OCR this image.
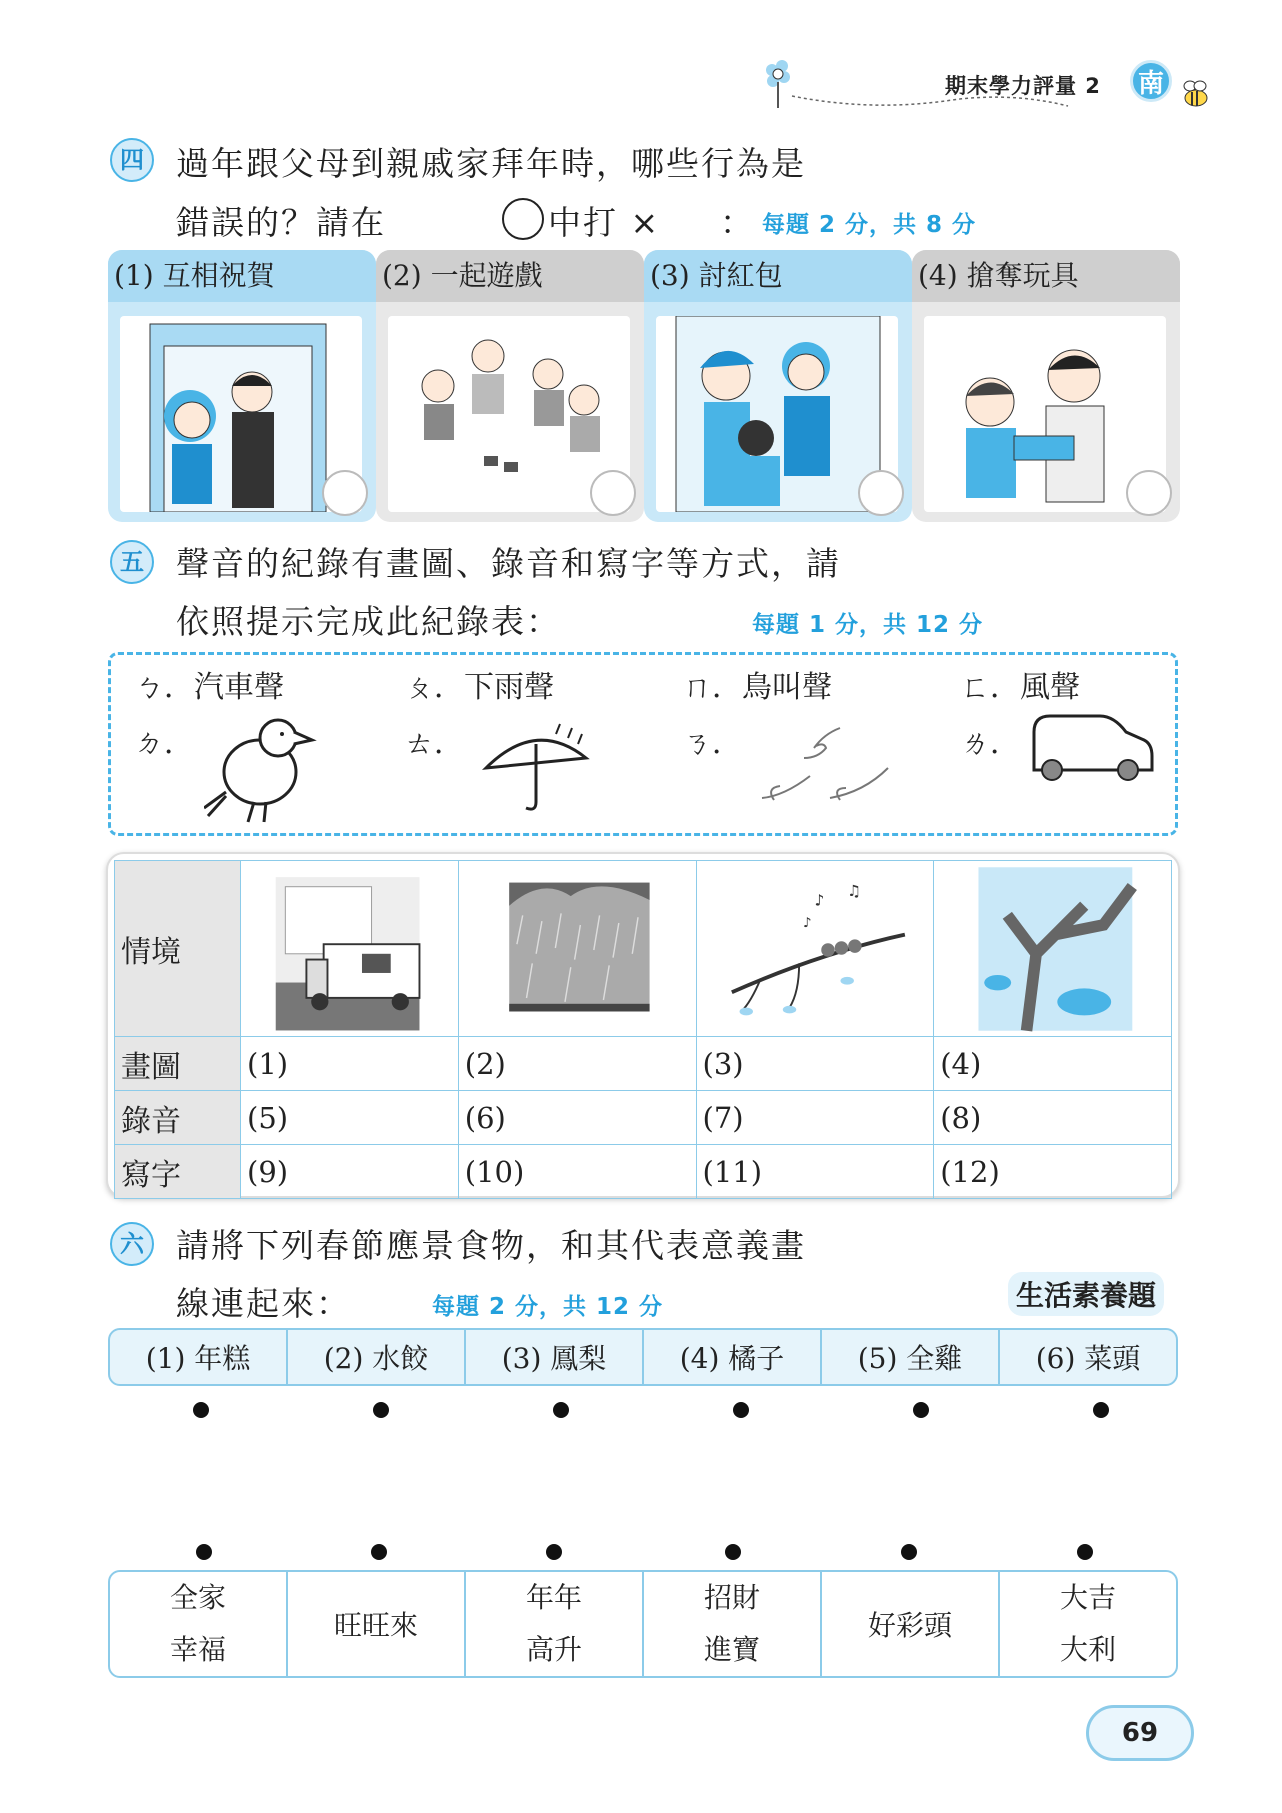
期末學力評量 2	南
四 過年跟父母到親戚家拜年時，哪些行為是
錯誤的？請在	中打 × ： 每題 2 分，共 8 分
(1) 互相祝賀	(2) 一起遊戲	(3) 討紅包	(4) 搶奪玩具
五 聲音的紀錄有畫圖、錄音和寫字等方式，請
依照提示完成此紀錄表：	每題 1 分，共 12 分
ㄅ．汽車聲	ㄆ．下雨聲	ㄇ．鳥叫聲	ㄈ．風聲
ㄉ．	ㄊ．	ㄋ．	ㄌ．
情境			♪
♫
♪

畫圖	(1)	(2)	(3)	(4)
錄音	(5)	(6)	(7)	(8)
寫字	(9)	(10)	(11)	(12)
六 請將下列春節應景食物，和其代表意義畫
線連起來：	每題 2 分，共 12 分	生活素養題
(1) 年糕	(2) 水餃	(3) 鳳梨	(4) 橘子	(5) 全雞	(6) 菜頭
全家
幸福
旺旺來
年年
高升
招財
進寶
好彩頭
大吉
大利
69
